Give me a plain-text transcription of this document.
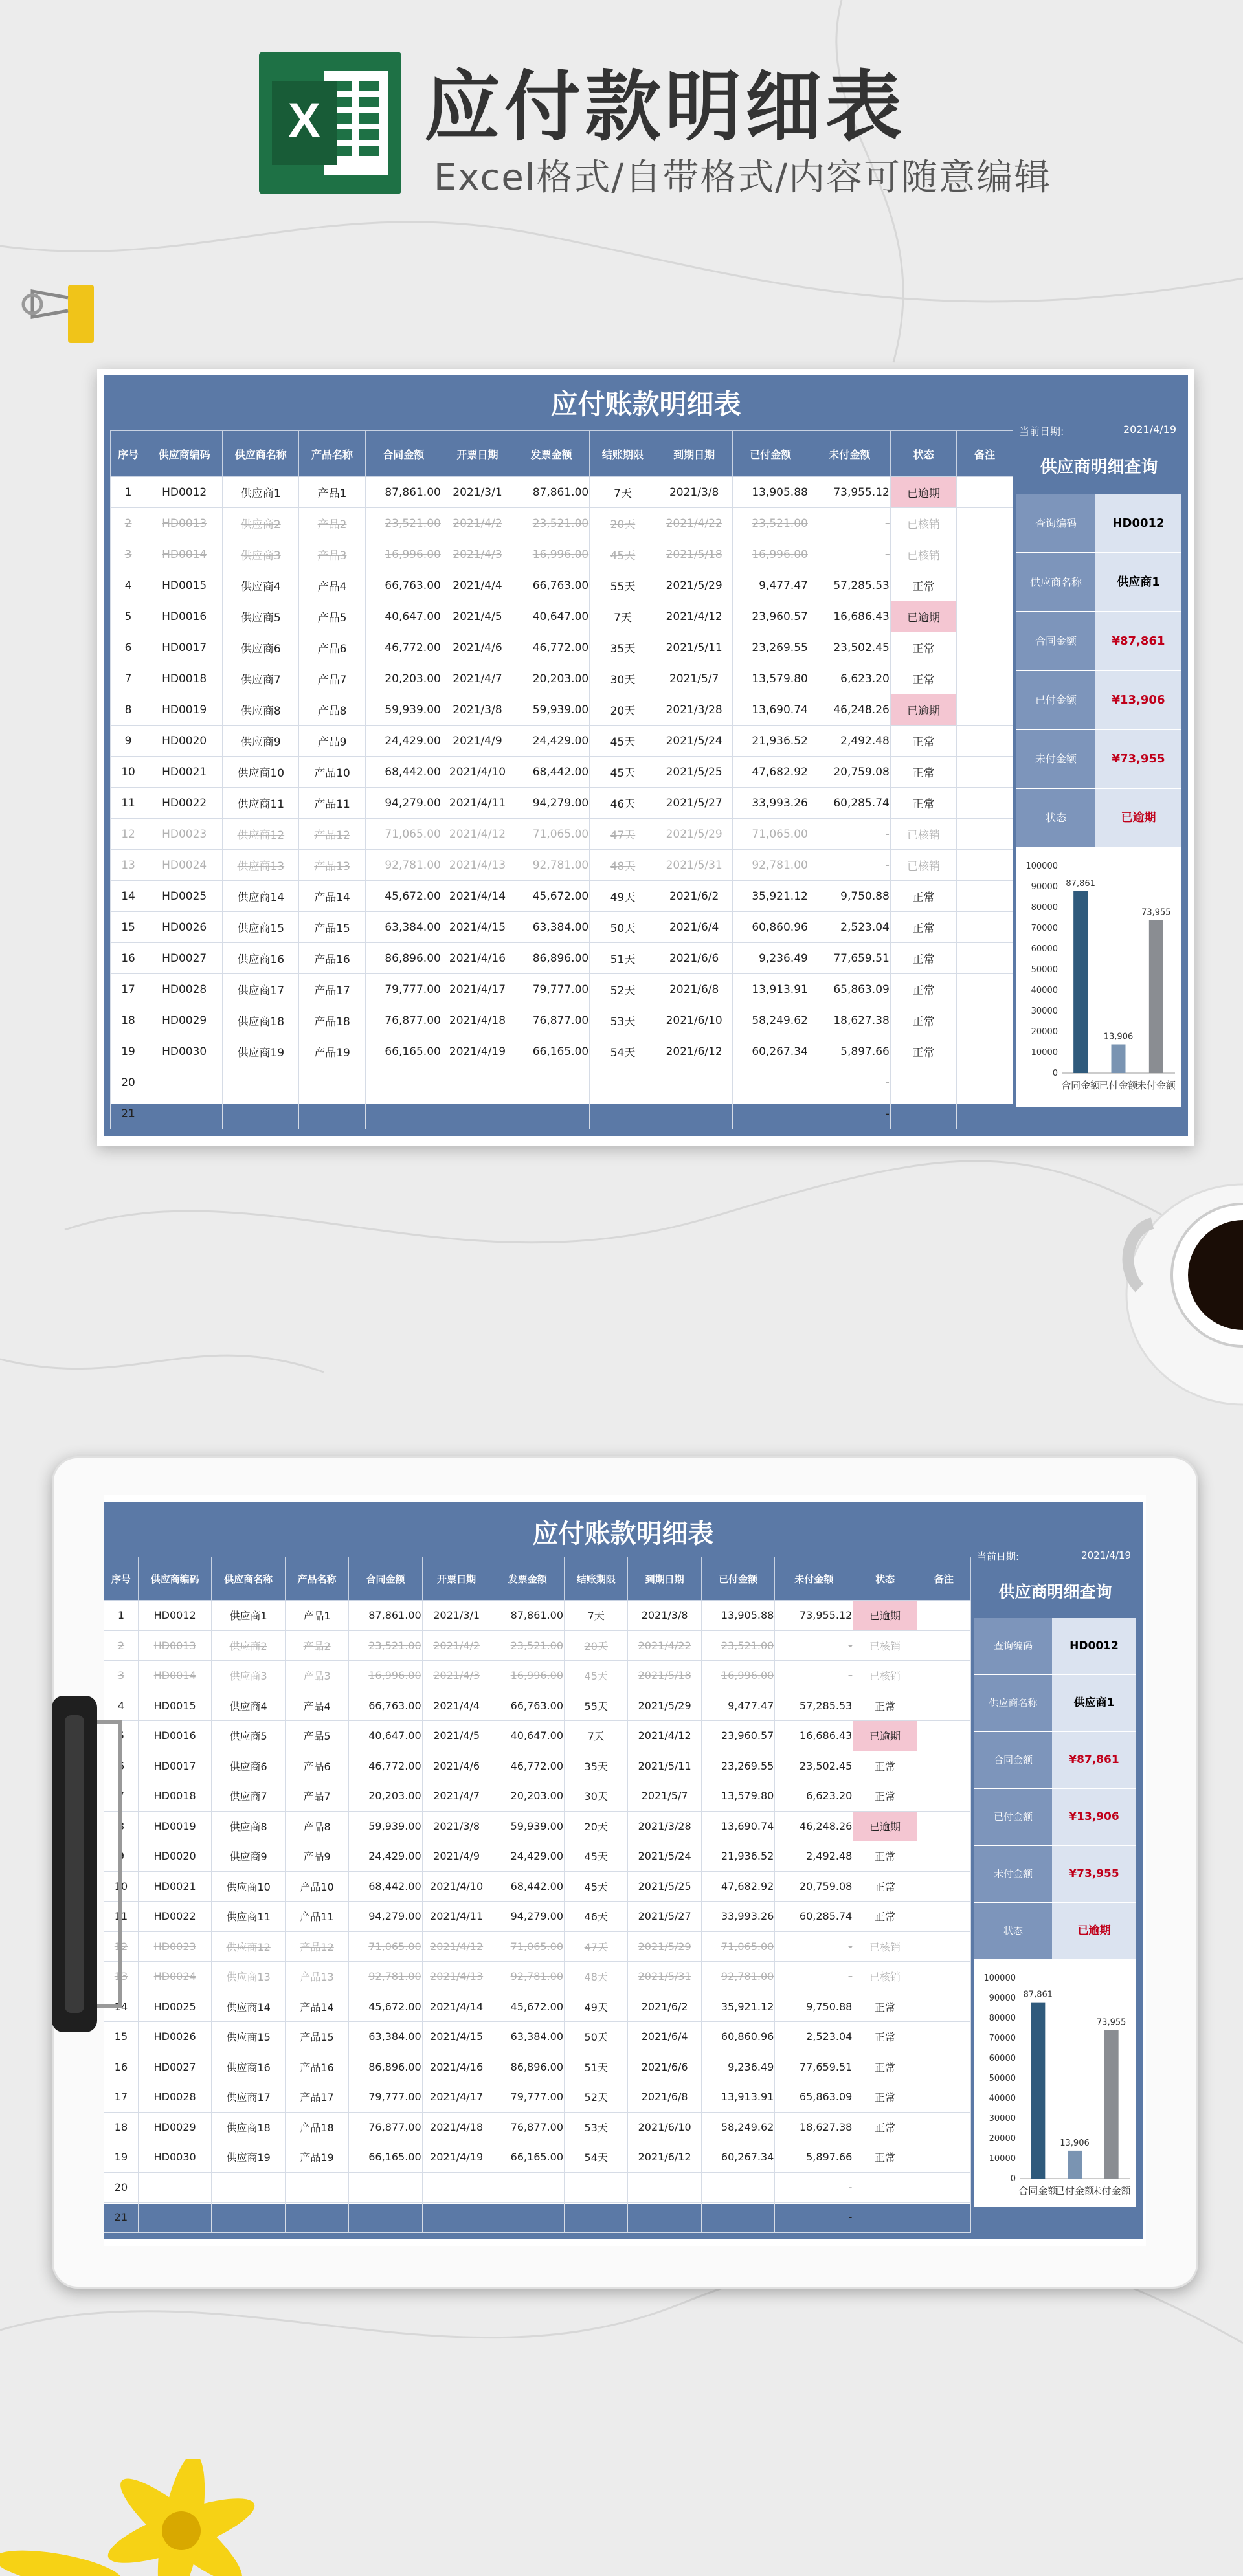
X 应付款明细表
Excel格式/自带格式/内容可随意编辑
应付账款明细表
序号	供应商编码	供应商名称	产品名称	合同金额	开票日期	发票金额	结账期限	到期日期	已付金额	未付金额	状态	备注
1	HD0012	供应商1	产品1	87,861.00	2021/3/1	87,861.00	7天	2021/3/8	13,905.88	73,955.12	已逾期	
2	HD0013	供应商2	产品2	23,521.00	2021/4/2	23,521.00	20天	2021/4/22	23,521.00	-	已核销	
3	HD0014	供应商3	产品3	16,996.00	2021/4/3	16,996.00	45天	2021/5/18	16,996.00	-	已核销	
4	HD0015	供应商4	产品4	66,763.00	2021/4/4	66,763.00	55天	2021/5/29	9,477.47	57,285.53	正常	
5	HD0016	供应商5	产品5	40,647.00	2021/4/5	40,647.00	7天	2021/4/12	23,960.57	16,686.43	已逾期	
6	HD0017	供应商6	产品6	46,772.00	2021/4/6	46,772.00	35天	2021/5/11	23,269.55	23,502.45	正常	
7	HD0018	供应商7	产品7	20,203.00	2021/4/7	20,203.00	30天	2021/5/7	13,579.80	6,623.20	正常	
8	HD0019	供应商8	产品8	59,939.00	2021/3/8	59,939.00	20天	2021/3/28	13,690.74	46,248.26	已逾期	
9	HD0020	供应商9	产品9	24,429.00	2021/4/9	24,429.00	45天	2021/5/24	21,936.52	2,492.48	正常	
10	HD0021	供应商10	产品10	68,442.00	2021/4/10	68,442.00	45天	2021/5/25	47,682.92	20,759.08	正常	
11	HD0022	供应商11	产品11	94,279.00	2021/4/11	94,279.00	46天	2021/5/27	33,993.26	60,285.74	正常	
12	HD0023	供应商12	产品12	71,065.00	2021/4/12	71,065.00	47天	2021/5/29	71,065.00	-	已核销	
13	HD0024	供应商13	产品13	92,781.00	2021/4/13	92,781.00	48天	2021/5/31	92,781.00	-	已核销	
14	HD0025	供应商14	产品14	45,672.00	2021/4/14	45,672.00	49天	2021/6/2	35,921.12	9,750.88	正常	
15	HD0026	供应商15	产品15	63,384.00	2021/4/15	63,384.00	50天	2021/6/4	60,860.96	2,523.04	正常	
16	HD0027	供应商16	产品16	86,896.00	2021/4/16	86,896.00	51天	2021/6/6	9,236.49	77,659.51	正常	
17	HD0028	供应商17	产品17	79,777.00	2021/4/17	79,777.00	52天	2021/6/8	13,913.91	65,863.09	正常	
18	HD0029	供应商18	产品18	76,877.00	2021/4/18	76,877.00	53天	2021/6/10	58,249.62	18,627.38	正常	
19	HD0030	供应商19	产品19	66,165.00	2021/4/19	66,165.00	54天	2021/6/12	60,267.34	5,897.66	正常	
20										-		
21										-		
当前日期:	2021/4/19
供应商明细查询
查询编码	HD0012
供应商名称	供应商1
合同金额	¥87,861
已付金额	¥13,906
未付金额	¥73,955
状态	已逾期
100000
90000
80000
70000
60000
50000
40000
30000
20000
10000
0
87,861
合同金额
13,906
已付金额
73,955
未付金额
应付账款明细表
序号	供应商编码	供应商名称	产品名称	合同金额	开票日期	发票金额	结账期限	到期日期	已付金额	未付金额	状态	备注
1	HD0012	供应商1	产品1	87,861.00	2021/3/1	87,861.00	7天	2021/3/8	13,905.88	73,955.12	已逾期	
2	HD0013	供应商2	产品2	23,521.00	2021/4/2	23,521.00	20天	2021/4/22	23,521.00	-	已核销	
3	HD0014	供应商3	产品3	16,996.00	2021/4/3	16,996.00	45天	2021/5/18	16,996.00	-	已核销	
4	HD0015	供应商4	产品4	66,763.00	2021/4/4	66,763.00	55天	2021/5/29	9,477.47	57,285.53	正常	
5	HD0016	供应商5	产品5	40,647.00	2021/4/5	40,647.00	7天	2021/4/12	23,960.57	16,686.43	已逾期	
6	HD0017	供应商6	产品6	46,772.00	2021/4/6	46,772.00	35天	2021/5/11	23,269.55	23,502.45	正常	
7	HD0018	供应商7	产品7	20,203.00	2021/4/7	20,203.00	30天	2021/5/7	13,579.80	6,623.20	正常	
8	HD0019	供应商8	产品8	59,939.00	2021/3/8	59,939.00	20天	2021/3/28	13,690.74	46,248.26	已逾期	
9	HD0020	供应商9	产品9	24,429.00	2021/4/9	24,429.00	45天	2021/5/24	21,936.52	2,492.48	正常	
10	HD0021	供应商10	产品10	68,442.00	2021/4/10	68,442.00	45天	2021/5/25	47,682.92	20,759.08	正常	
11	HD0022	供应商11	产品11	94,279.00	2021/4/11	94,279.00	46天	2021/5/27	33,993.26	60,285.74	正常	
12	HD0023	供应商12	产品12	71,065.00	2021/4/12	71,065.00	47天	2021/5/29	71,065.00	-	已核销	
13	HD0024	供应商13	产品13	92,781.00	2021/4/13	92,781.00	48天	2021/5/31	92,781.00	-	已核销	
14	HD0025	供应商14	产品14	45,672.00	2021/4/14	45,672.00	49天	2021/6/2	35,921.12	9,750.88	正常	
15	HD0026	供应商15	产品15	63,384.00	2021/4/15	63,384.00	50天	2021/6/4	60,860.96	2,523.04	正常	
16	HD0027	供应商16	产品16	86,896.00	2021/4/16	86,896.00	51天	2021/6/6	9,236.49	77,659.51	正常	
17	HD0028	供应商17	产品17	79,777.00	2021/4/17	79,777.00	52天	2021/6/8	13,913.91	65,863.09	正常	
18	HD0029	供应商18	产品18	76,877.00	2021/4/18	76,877.00	53天	2021/6/10	58,249.62	18,627.38	正常	
19	HD0030	供应商19	产品19	66,165.00	2021/4/19	66,165.00	54天	2021/6/12	60,267.34	5,897.66	正常	
20										-		
21										-		
当前日期:	2021/4/19
供应商明细查询
查询编码	HD0012
供应商名称	供应商1
合同金额	¥87,861
已付金额	¥13,906
未付金额	¥73,955
状态	已逾期
100000
90000
80000
70000
60000
50000
40000
30000
20000
10000
0
87,861
合同金额
13,906
已付金额
73,955
未付金额
